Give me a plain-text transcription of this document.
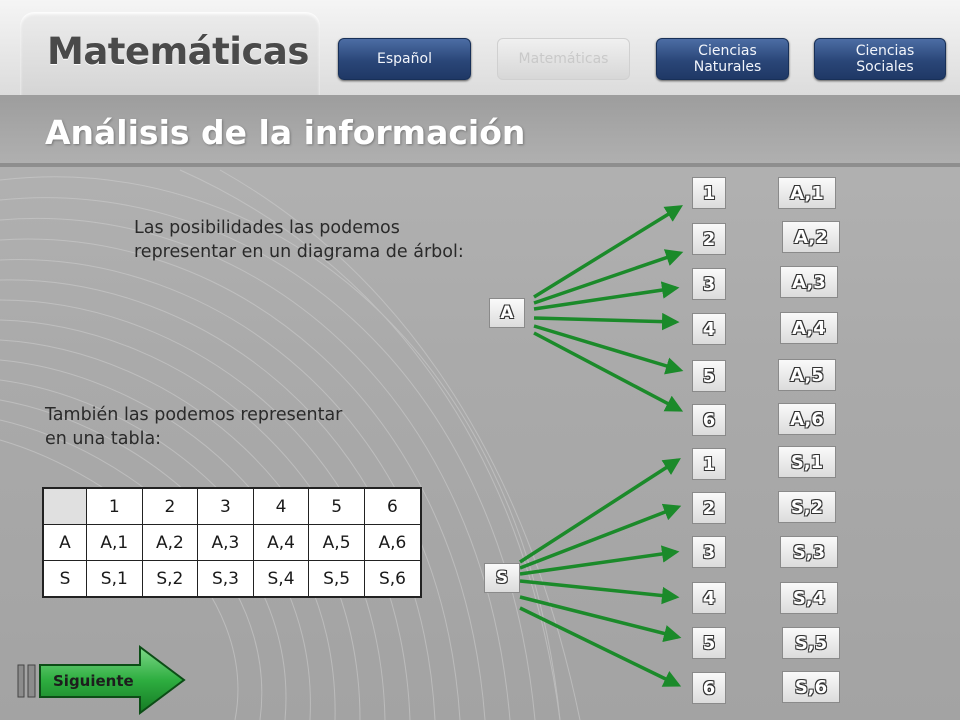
Matemáticas	Español	Matemáticas	Ciencias
Naturales
Ciencias
Sociales
Análisis de la información
Las posibilidades las podemos representar en un diagrama de árbol:
También las podemos representar en una tabla:
	1	2	3	4	5	6
A	A,1	A,2	A,3	A,4	A,5	A,6
S	S,1	S,2	S,3	S,4	S,5	S,6
A
S
1
2
3
4
5
6
1
2
3
4
5
6
A,1
A,2
A,3
A,4
A,5
A,6
S,1
S,2
S,3
S,4
S,5
S,6
Siguiente
